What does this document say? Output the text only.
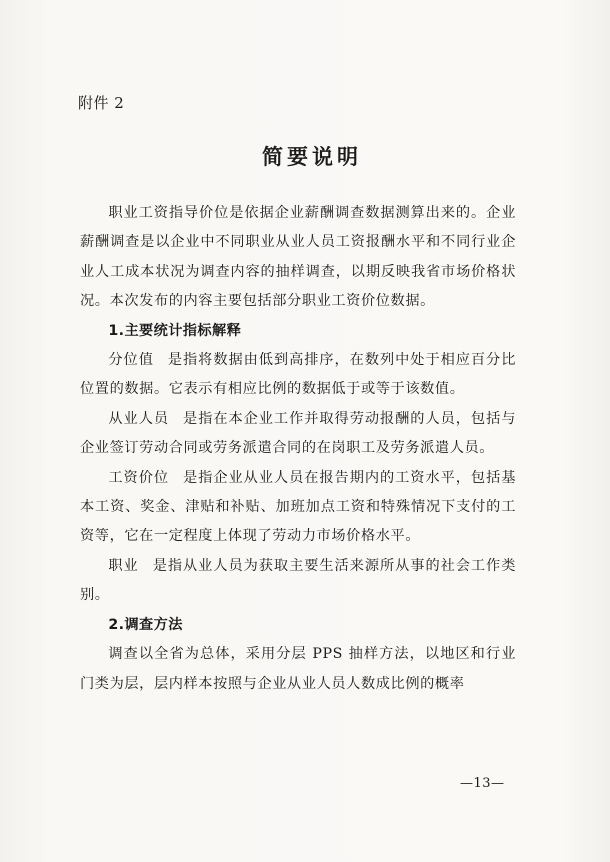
附件 2
简要说明

职业工资指导价位是依据企业薪酬调查数据测算出来的。企业薪酬调查是以企业中不同职业从业人员工资报酬水平和不同行业企业人工成本状况为调查内容的抽样调查，以期反映我省市场价格状况。本次发布的内容主要包括部分职业工资价位数据。

1.主要统计指标解释

分位值 是指将数据由低到高排序，在数列中处于相应百分比位置的数据。它表示有相应比例的数据低于或等于该数值。

从业人员 是指在本企业工作并取得劳动报酬的人员，包括与企业签订劳动合同或劳务派遣合同的在岗职工及劳务派遣人员。

工资价位 是指企业从业人员在报告期内的工资水平，包括基本工资、奖金、津贴和补贴、加班加点工资和特殊情况下支付的工资等，它在一定程度上体现了劳动力市场价格水平。

职业 是指从业人员为获取主要生活来源所从事的社会工作类别。

2.调查方法

调查以全省为总体，采用分层 PPS 抽样方法，以地区和行业门类为层，层内样本按照与企业从业人员人数成比例的概率

—13—
